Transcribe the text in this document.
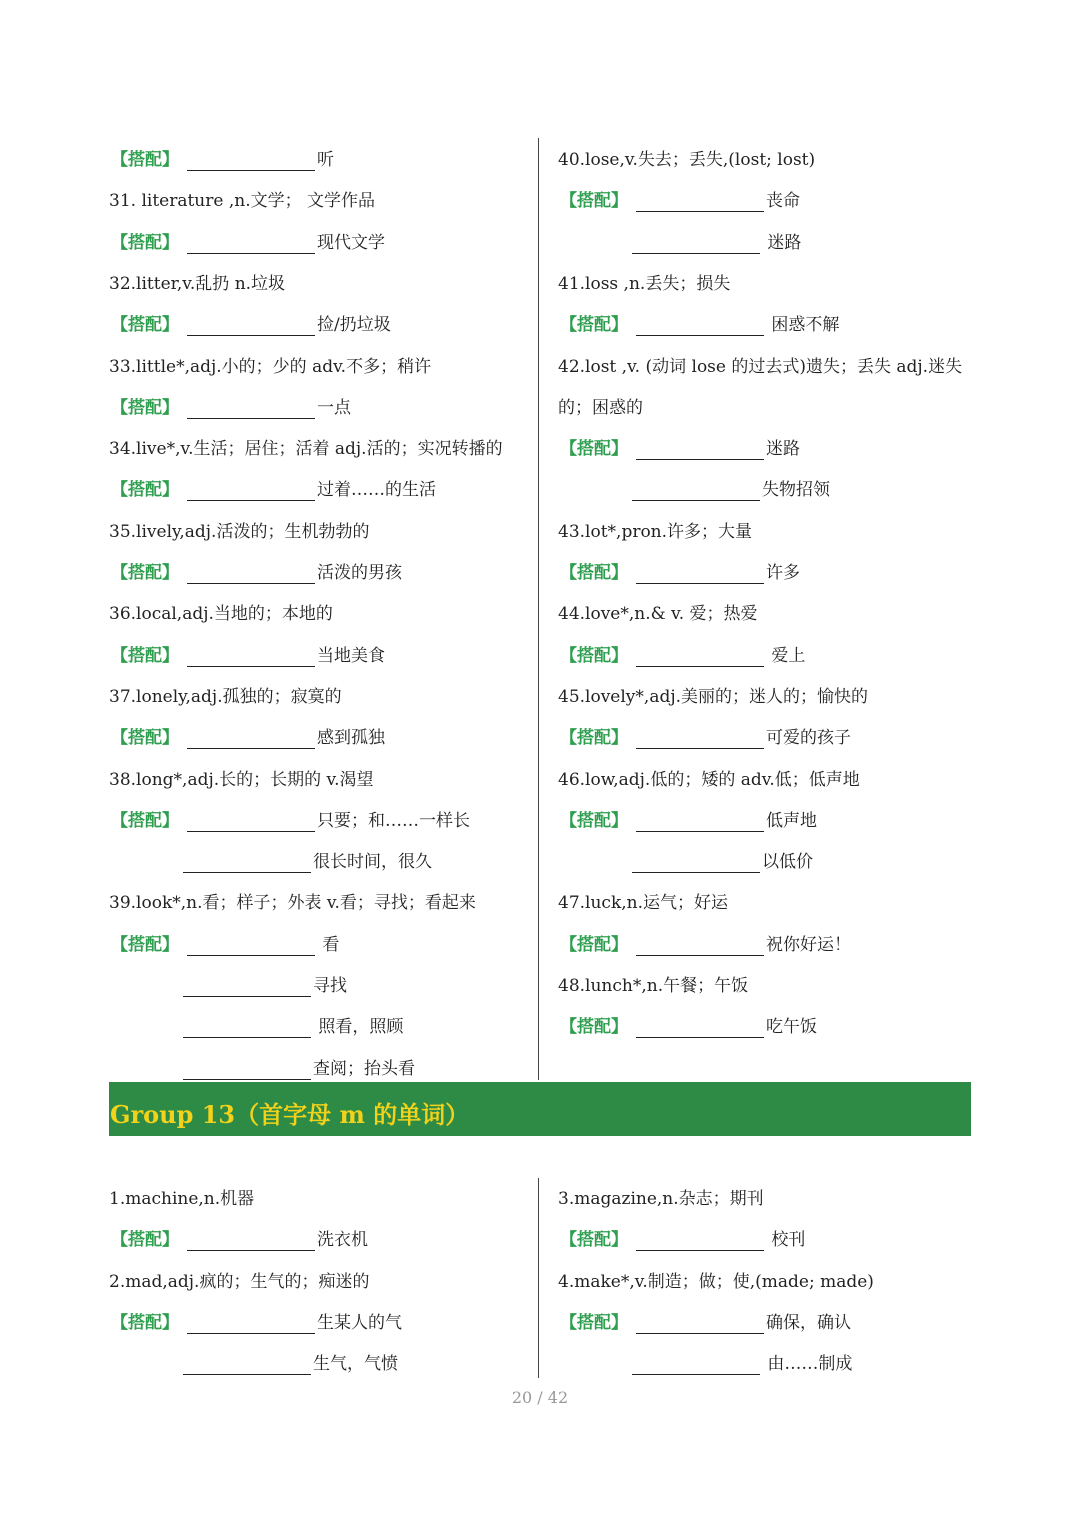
【搭配】	听
31. literature ,n.文学； 文学作品
【搭配】	现代文学
32.litter,v.乱扔 n.垃圾
【搭配】	捡/扔垃圾
33.little*,adj.小的；少的 adv.不多；稍许
【搭配】	一点
34.live*,v.生活；居住；活着 adj.活的；实况转播的
【搭配】	过着……的生活
35.lively,adj.活泼的；生机勃勃的
【搭配】	活泼的男孩
36.local,adj.当地的；本地的
【搭配】	当地美食
37.lonely,adj.孤独的；寂寞的
【搭配】	感到孤独
38.long*,adj.长的；长期的 v.渴望
【搭配】	只要；和……一样长
很长时间，很久
39.look*,n.看；样子；外表 v.看；寻找；看起来
【搭配】	看
寻找
照看，照顾
查阅；抬头看
40.lose,v.失去；丢失,(lost; lost)
【搭配】	丧命
迷路
41.loss ,n.丢失；损失
【搭配】	困惑不解
42.lost ,v. (动词 lose 的过去式)遗失；丢失 adj.迷失
的；困惑的
【搭配】	迷路
失物招领
43.lot*,pron.许多；大量
【搭配】	许多
44.love*,n.& v. 爱；热爱
【搭配】	爱上
45.lovely*,adj.美丽的；迷人的；愉快的
【搭配】	可爱的孩子
46.low,adj.低的；矮的 adv.低；低声地
【搭配】	低声地
以低价
47.luck,n.运气；好运
【搭配】	祝你好运！
48.lunch*,n.午餐；午饭
【搭配】	吃午饭
Group 13（首字母 m 的单词）
1.machine,n.机器
【搭配】	洗衣机
2.mad,adj.疯的；生气的；痴迷的
【搭配】	生某人的气
生气，气愤
3.magazine,n.杂志；期刊
【搭配】	校刊
4.make*,v.制造；做；使,(made; made)
【搭配】	确保，确认
由……制成
20 / 42
